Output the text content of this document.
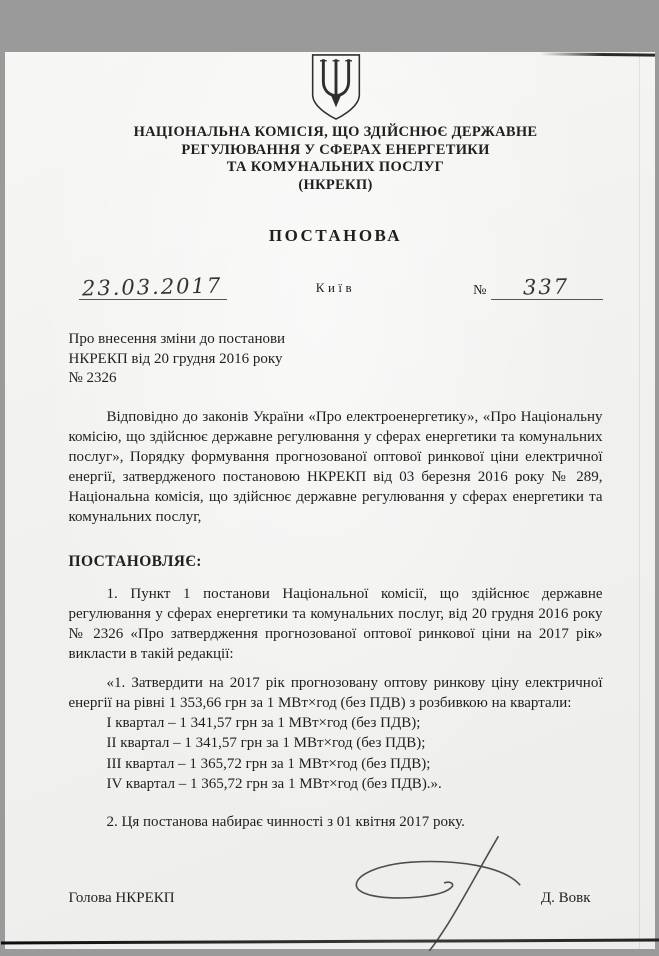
НАЦІОНАЛЬНА КОМІСІЯ, ЩО ЗДІЙСНЮЄ ДЕРЖАВНЕ
РЕГУЛЮВАННЯ У СФЕРАХ ЕНЕРГЕТИКИ
ТА КОМУНАЛЬНИХ ПОСЛУГ
(НКРЕКП)
ПОСТАНОВА
23.03.2017	Київ	№	337
Про внесення зміни до постанови
НКРЕКП від 20 грудня 2016 року
№ 2326

Відповідно до законів України «Про електроенергетику», «Про Національну комісію, що здійснює державне регулювання у сферах енергетики та комунальних послуг», Порядку формування прогнозованої оптової ринкової ціни електричної енергії, затвердженого постановою НКРЕКП від 03 березня 2016 року № 289, Національна комісія, що здійснює державне регулювання у сферах енергетики та комунальних послуг,

ПОСТАНОВЛЯЄ:

1. Пункт 1 постанови Національної комісії, що здійснює державне регулювання у сферах енергетики та комунальних послуг, від 20 грудня 2016 року № 2326 «Про затвердження прогнозованої оптової ринкової ціни на 2017 рік» викласти в такій редакції:

«1. Затвердити на 2017 рік прогнозовану оптову ринкову ціну електричної енергії на рівні 1 353,66 грн за 1 МВт×год (без ПДВ) з розбивкою на квартали:

І квартал – 1 341,57 грн за 1 МВт×год (без ПДВ);
ІІ квартал – 1 341,57 грн за 1 МВт×год (без ПДВ);
ІІІ квартал – 1 365,72 грн за 1 МВт×год (без ПДВ);
ІV квартал – 1 365,72 грн за 1 МВт×год (без ПДВ).».

2. Ця постанова набирає чинності з 01 квітня 2017 року.

Голова НКРЕКП	Д. Вовк
